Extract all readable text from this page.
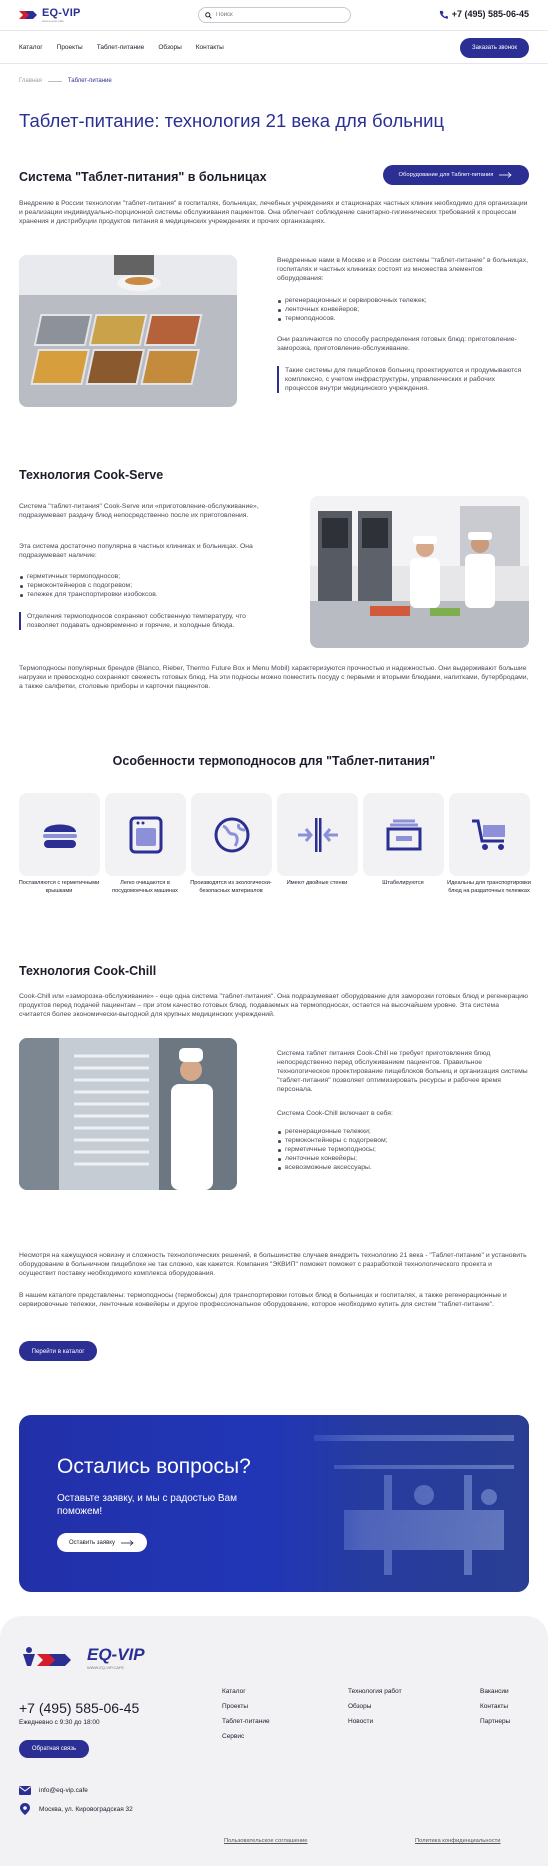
EQ-VIP
www.eq-vip.cafe
Поиск
+7 (495) 585-06-45
Каталог Проекты Таблет-питание Обзоры Контакты	Заказать звонок
Главная	Таблет-питание
Таблет-питание: технология 21 века для больниц
Система "Таблет-питания" в больницах	Оборудование для Таблет-питания
Внедрение в России технологии "таблет-питания" в госпиталях, больницах, лечебных учреждениях и стационарах частных клиник необходимо для организации и реализации индивидуально-порционной системы обслуживания пациентов. Она облегчает соблюдение санитарно-гигиенических требований к процессам хранения и дистрибуции продуктов питания в медицинских учреждениях и прочих организациях.
Внедренные нами в Москве и в России системы "таблет-питание" в больницах, госпиталях и частных клиниках состоят из множества элементов оборудования:
регенерационных и сервировочных тележек;
ленточных конвейеров;
термоподносов.
Они различаются по способу распределения готовых блюд: приготовление-заморозка, приготовление-обслуживание.
Такие системы для пищеблоков больниц проектируются и продумываются комплексно, с учетом инфраструктуры, управленческих и рабочих процессов внутри медицинского учреждения.
Технология Cook-Serve
Система "таблет-питания" Cook-Serve или «приготовление-обслуживание», подразумевает раздачу блюд непосредственно после их приготовления.
Эта система достаточно популярна в частных клиниках и больницах. Она подразумевает наличие:
герметичных термоподносов;
термоконтейнеров с подогревом;
тележек для транспортировки изобоксов.
Отделения термоподносов сохраняют собственную температуру, что позволяет подавать одновременно и горячие, и холодные блюда.
Термоподносы популярных брендов (Blanco, Rieber, Thermo Future Box и Menu Mobil) характеризуются прочностью и надежностью. Они выдерживают большие нагрузки и превосходно сохраняют свежесть готовых блюд. На эти подносы можно поместить посуду с первыми и вторыми блюдами, напитками, бутербродами, а также салфетки, столовые приборы и карточки пациентов.
Особенности термоподносов для "Таблет-питания"
Поставляются с герметичными крышками
Легко очищаются в посудомоечных машинах
Производятся из экологически-безопасных материалов
Имеют двойные стенки	Штабелируются	Идеальны для транспортировки блюд на раздаточных тележках
Технология Cook-Chill
Cook-Chill или «заморозка-обслуживание» - еще одна система "таблет-питания". Она подразумевает оборудование для заморозки готовых блюд и регенерацию продуктов перед подачей пациентам – при этом качество готовых блюд, подаваемых на термоподносах, остается на высочайшем уровне. Эта система считается более экономически-выгодной для крупных медицинских учреждений.
Система таблет питания Cook-Chill не требует приготовления блюд непосредственно перед обслуживанием пациентов. Правильное технологическое проектирование пищеблоков больниц и организация системы "таблет-питания" позволяет оптимизировать ресурсы и рабочее время персонала.
Система Cook-Chill включает в себя:
регенерационные тележки;
термоконтейнеры с подогревом;
герметичные термоподносы;
ленточные конвейеры;
всевозможные аксессуары.
Несмотря на кажущуюся новизну и сложность технологических решений, в большинстве случаев внедрить технологию 21 века - "Таблет-питание" и установить оборудование в больничном пищеблоке не так сложно, как кажется. Компания "ЭКВИП" поможет поможет с разработкой технологического проекта и осуществит поставку необходимого комплекса оборудования.
В нашем каталоге представлены: термоподносы (термобоксы) для транспортировки готовых блюд в больницах и госпиталях, а также регенерационные и сервировочные тележки, ленточные конвейеры и другое профессиональное оборудование, которое необходимо купить для систем "таблет-питание".
Перейти в каталог
Остались вопросы?
Оставьте заявку, и мы с радостью Вам поможем!
Оставить заявку
EQ-VIP
WWW.EQ-VIP.CAFE
+7 (495) 585-06-45
Ежедневно с 9:30 до 18:00
Обратная связь
info@eq-vip.cafe
Москва, ул. Кировоградская 32
Каталог
Проекты
Таблет-питание
Сервис
Технология работ
Обзоры
Новости
Вакансии
Контакты
Партнеры
Пользовательское соглашение	Политика конфиденциальности
